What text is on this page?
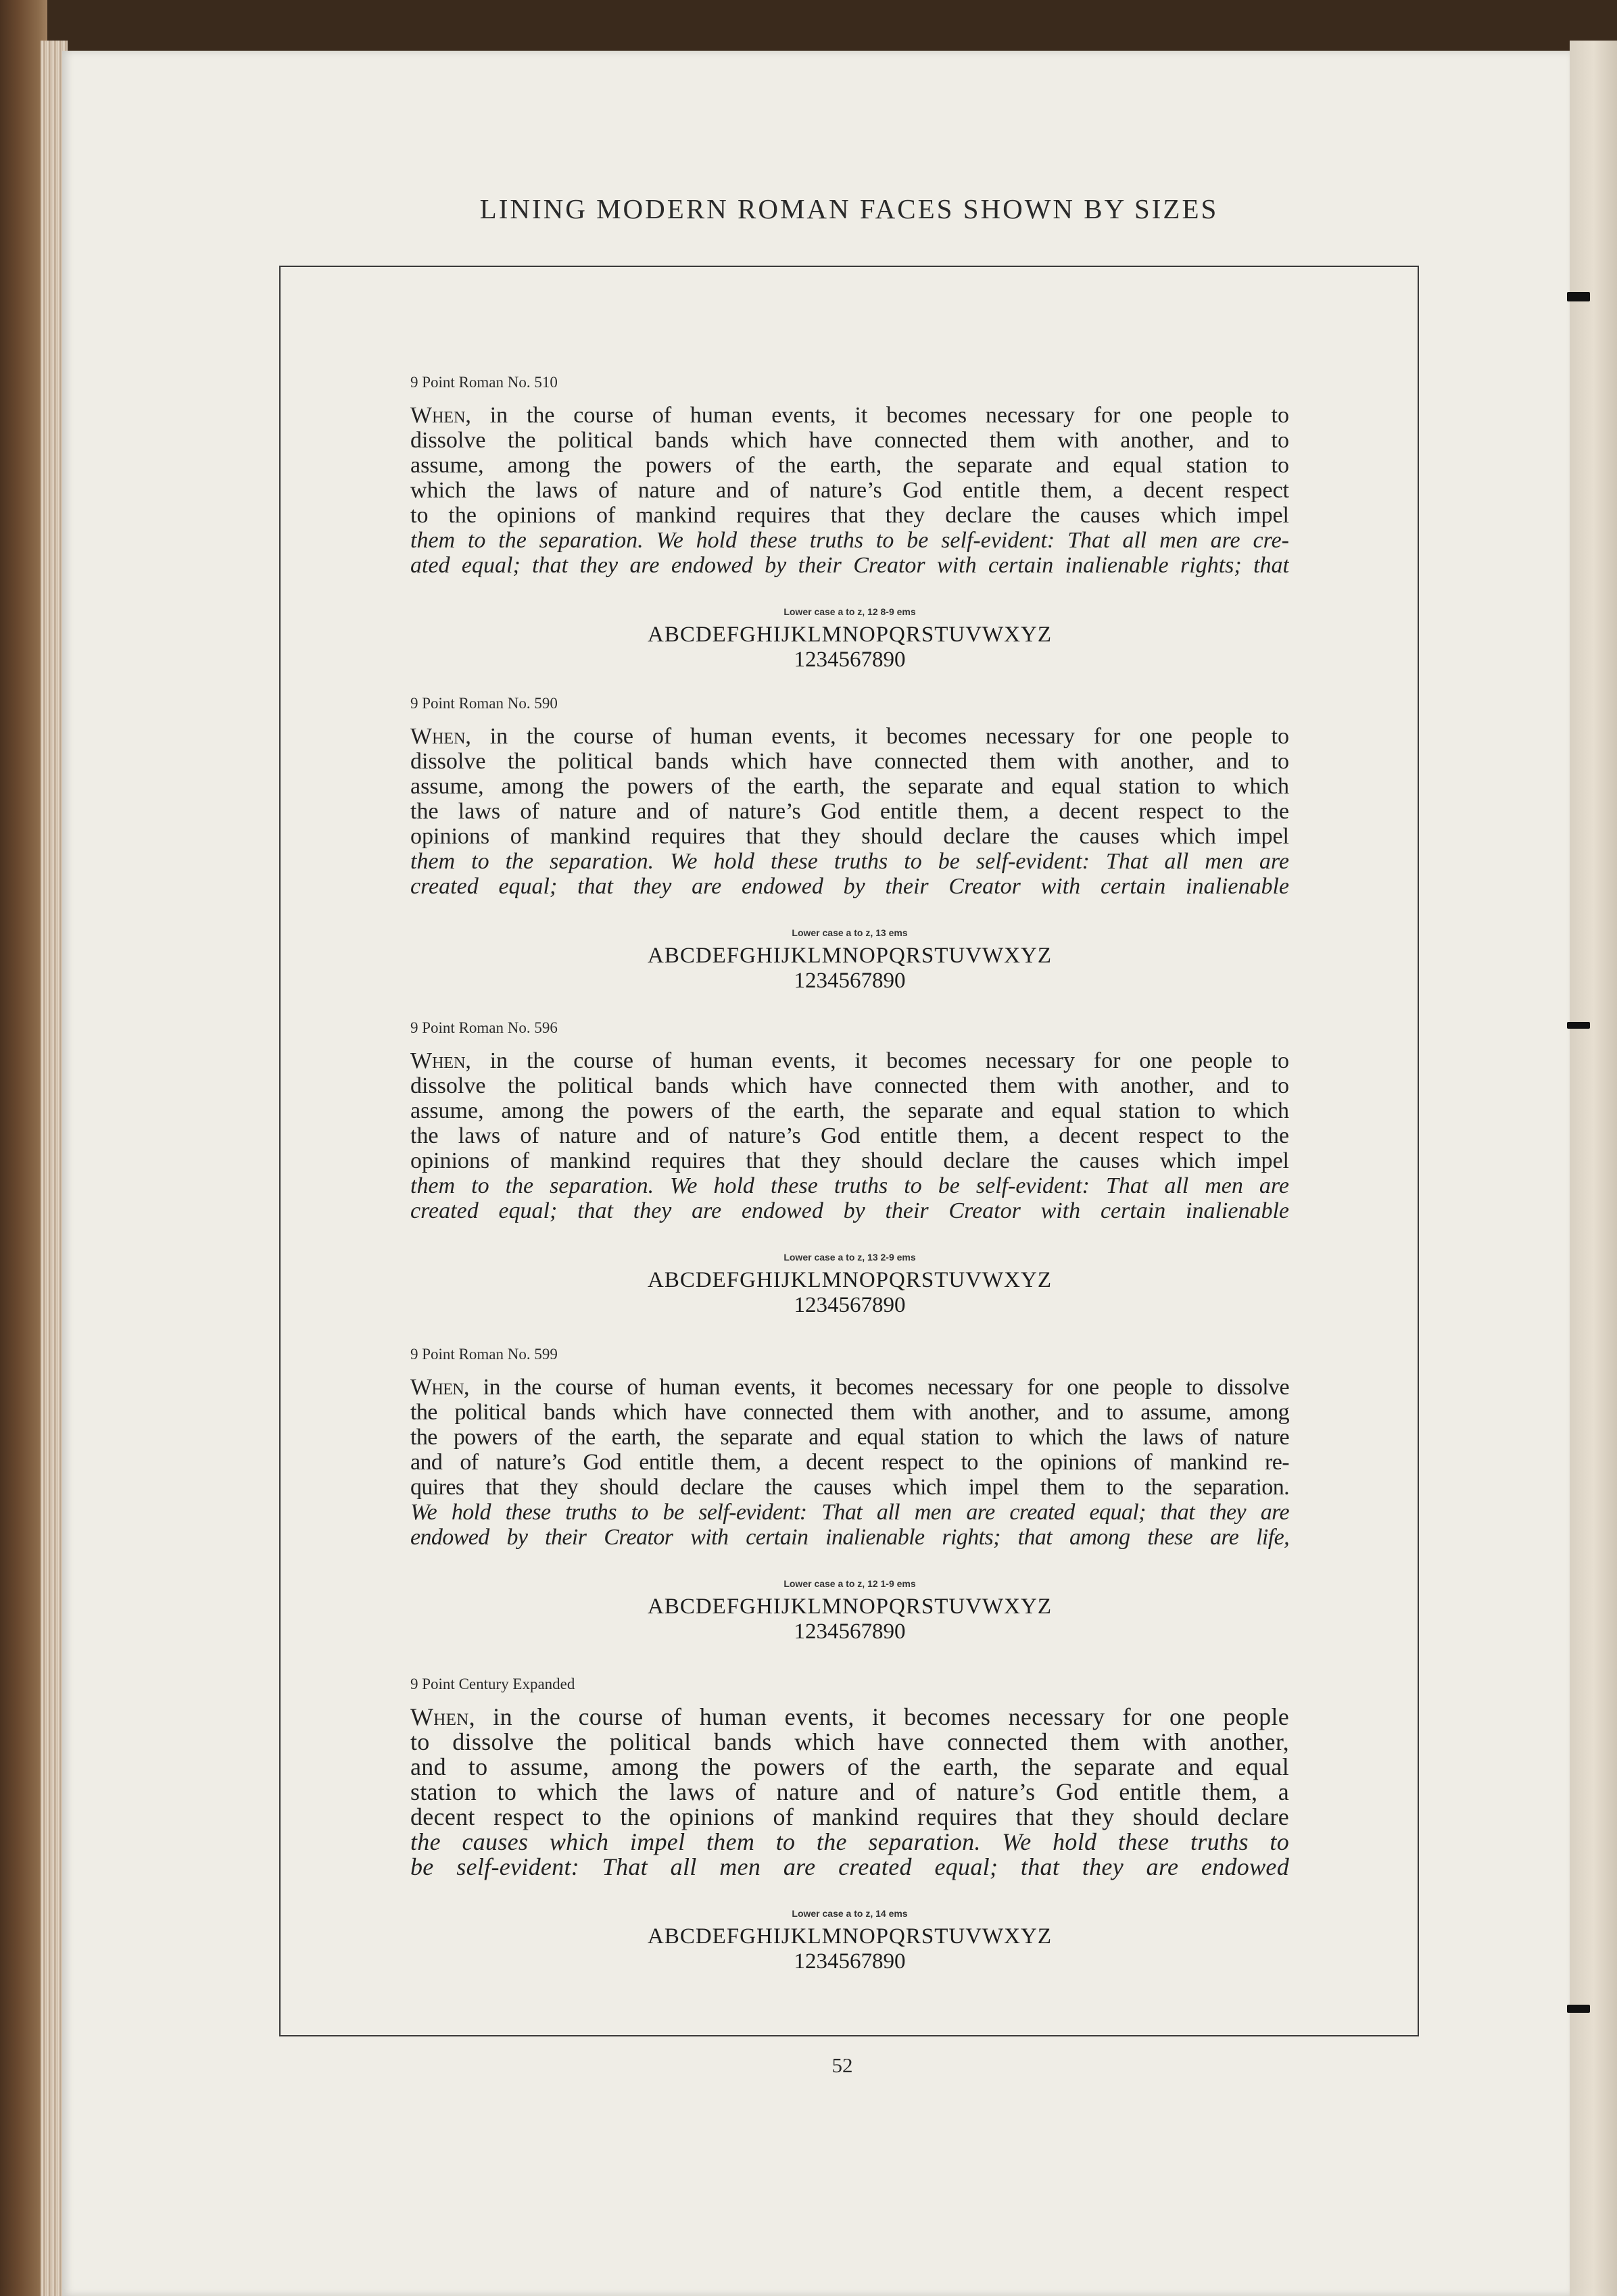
LINING MODERN ROMAN FACES SHOWN BY SIZES
9 Point Roman No. 510
When, in the course of human events, it becomes necessary for one people to
dissolve the political bands which have connected them with another, and to
assume, among the powers of the earth, the separate and equal station to
which the laws of nature and of nature’s God entitle them, a decent respect
to the opinions of mankind requires that they declare the causes which impel
them to the separation. We hold these truths to be self-evident: That all men are cre-
ated equal; that they are endowed by their Creator with certain inalienable rights; that
Lower case a to z, 12 8-9 ems
ABCDEFGHIJKLMNOPQRSTUVWXYZ
1234567890
9 Point Roman No. 590
When, in the course of human events, it becomes necessary for one people to
dissolve the political bands which have connected them with another, and to
assume, among the powers of the earth, the separate and equal station to which
the laws of nature and of nature’s God entitle them, a decent respect to the
opinions of mankind requires that they should declare the causes which impel
them to the separation. We hold these truths to be self-evident: That all men are
created equal; that they are endowed by their Creator with certain inalienable
Lower case a to z, 13 ems
ABCDEFGHIJKLMNOPQRSTUVWXYZ
1234567890
9 Point Roman No. 596
When, in the course of human events, it becomes necessary for one people to
dissolve the political bands which have connected them with another, and to
assume, among the powers of the earth, the separate and equal station to which
the laws of nature and of nature’s God entitle them, a decent respect to the
opinions of mankind requires that they should declare the causes which impel
them to the separation. We hold these truths to be self-evident: That all men are
created equal; that they are endowed by their Creator with certain inalienable
Lower case a to z, 13 2-9 ems
ABCDEFGHIJKLMNOPQRSTUVWXYZ
1234567890
9 Point Roman No. 599
When, in the course of human events, it becomes necessary for one people to dissolve
the political bands which have connected them with another, and to assume, among
the powers of the earth, the separate and equal station to which the laws of nature
and of nature’s God entitle them, a decent respect to the opinions of mankind re-
quires that they should declare the causes which impel them to the separation.
We hold these truths to be self-evident: That all men are created equal; that they are
endowed by their Creator with certain inalienable rights; that among these are life,
Lower case a to z, 12 1-9 ems
ABCDEFGHIJKLMNOPQRSTUVWXYZ
1234567890
9 Point Century Expanded
When, in the course of human events, it becomes necessary for one people
to dissolve the political bands which have connected them with another,
and to assume, among the powers of the earth, the separate and equal
station to which the laws of nature and of nature’s God entitle them, a
decent respect to the opinions of mankind requires that they should declare
the causes which impel them to the separation. We hold these truths to
be self-evident: That all men are created equal; that they are endowed
Lower case a to z, 14 ems
ABCDEFGHIJKLMNOPQRSTUVWXYZ
1234567890
52
